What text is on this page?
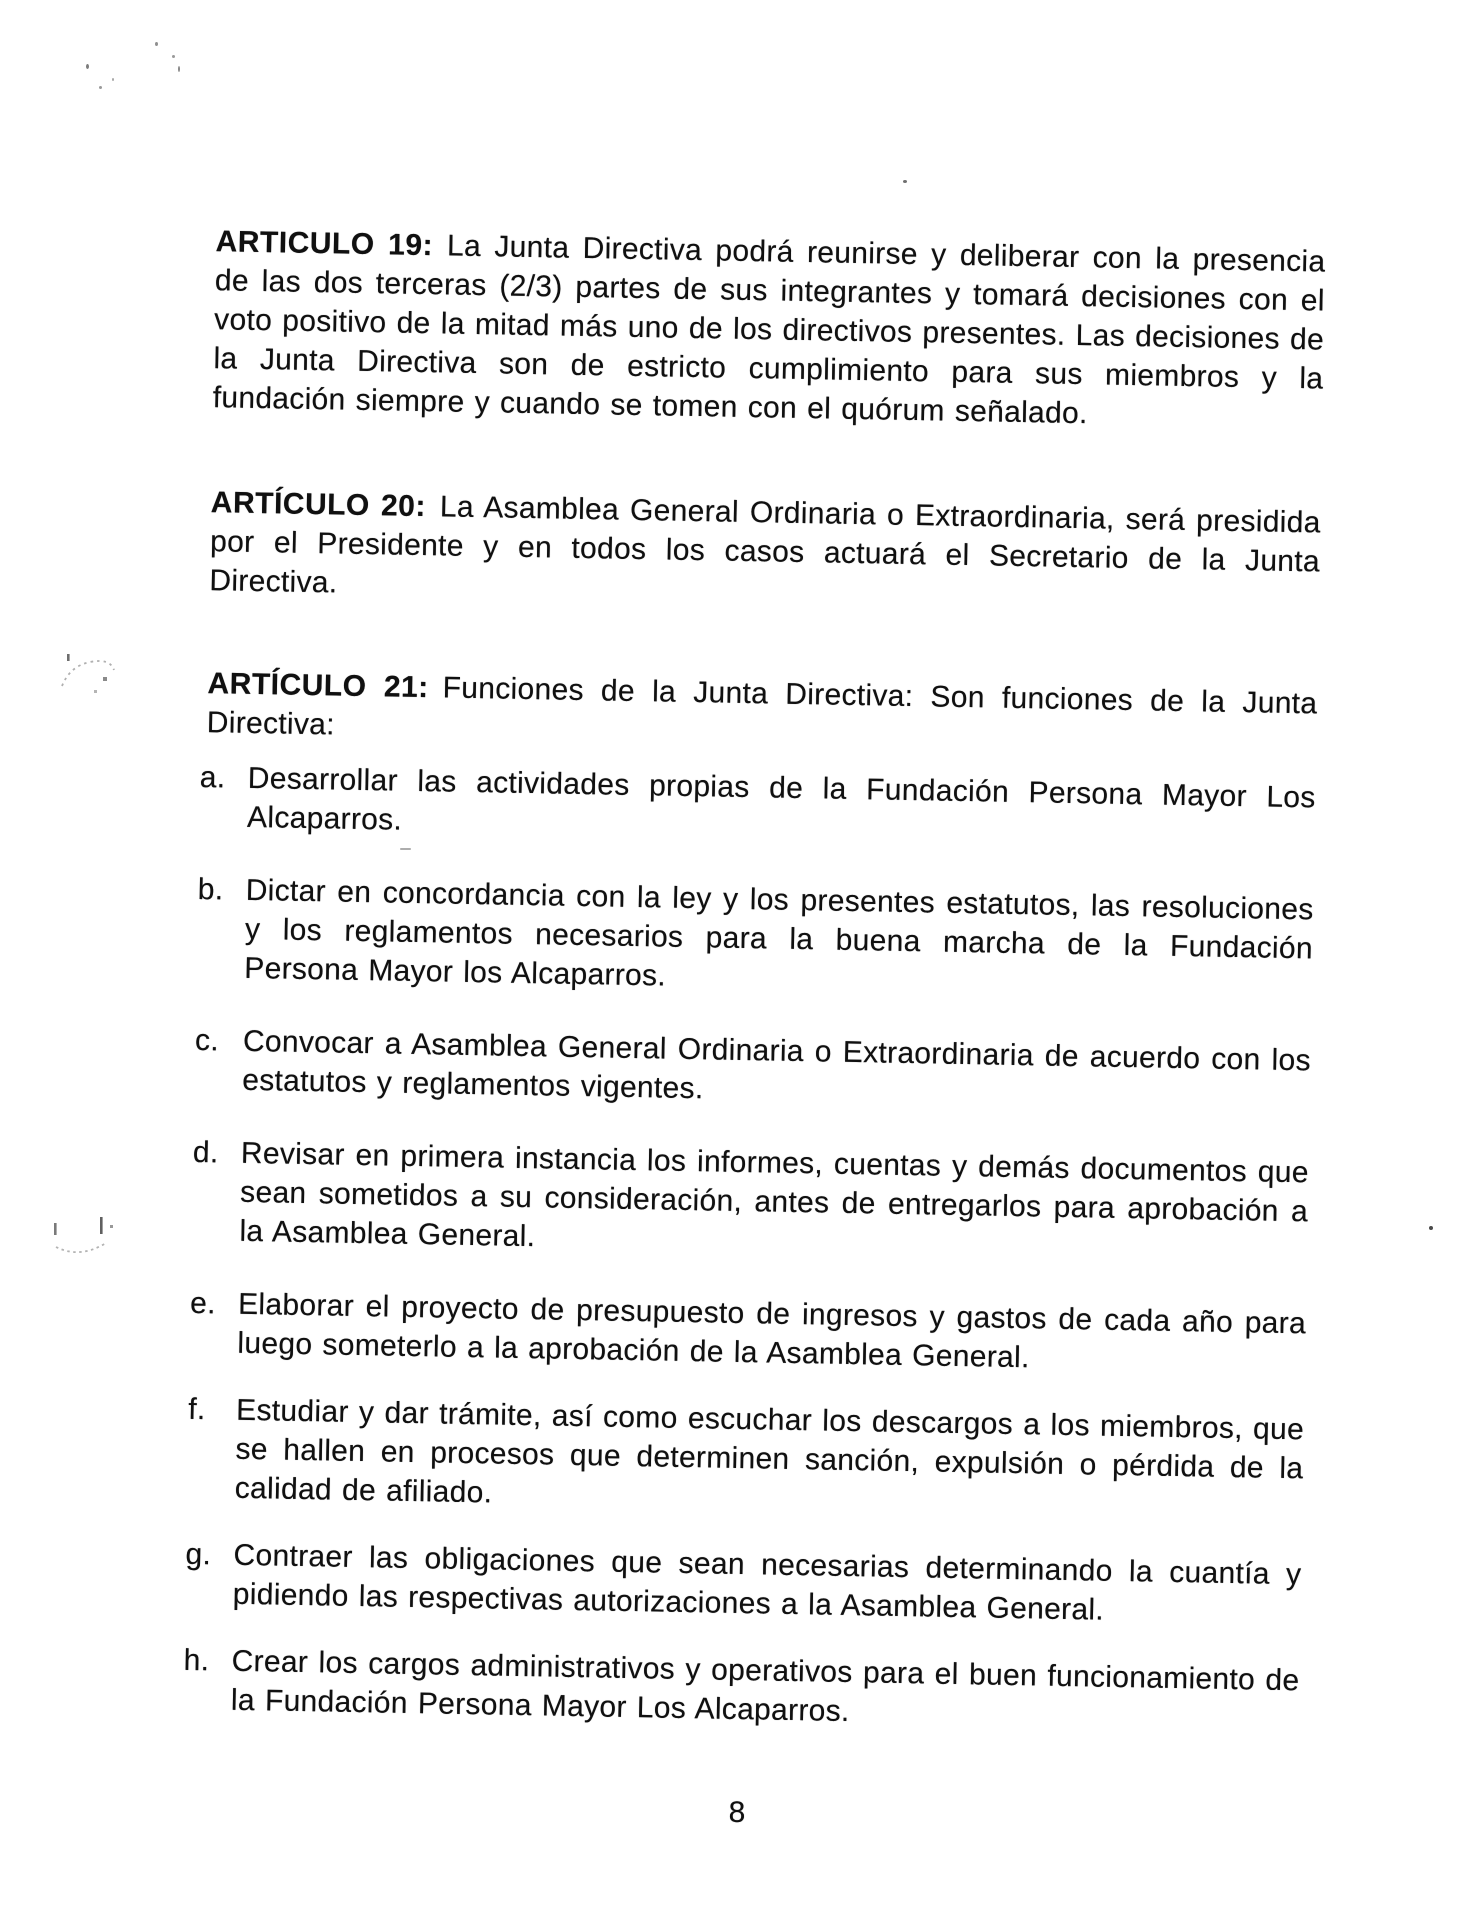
ARTICULO 19: La Junta Directiva podrá reunirse y deliberar con la presencia de las dos terceras (2/3) partes de sus integrantes y tomará decisiones con el voto positivo de la mitad más uno de los directivos presentes. Las decisiones de la Junta Directiva son de estricto cumplimiento para sus miembros y la fundación siempre y cuando se tomen con el quórum señalado.

ARTÍCULO 20: La Asamblea General Ordinaria o Extraordinaria, será presidida por el Presidente y en todos los casos actuará el Secretario de la Junta Directiva.

ARTÍCULO 21: Funciones de la Junta Directiva: Son funciones de la Junta Directiva:

a. Desarrollar las actividades propias de la Fundación Persona Mayor Los Alcaparros.
b. Dictar en concordancia con la ley y los presentes estatutos, las resoluciones y los reglamentos necesarios para la buena marcha de la Fundación Persona Mayor los Alcaparros.
c. Convocar a Asamblea General Ordinaria o Extraordinaria de acuerdo con los estatutos y reglamentos vigentes.
d. Revisar en primera instancia los informes, cuentas y demás documentos que sean sometidos a su consideración, antes de entregarlos para aprobación a la Asamblea General.
e. Elaborar el proyecto de presupuesto de ingresos y gastos de cada año para luego someterlo a la aprobación de la Asamblea General.
f.	Estudiar y dar trámite, así como escuchar los descargos a los miembros, que se hallen en procesos que determinen sanción, expulsión o pérdida de la calidad de afiliado.
g. Contraer las obligaciones que sean necesarias determinando la cuantía y pidiendo las respectivas autorizaciones a la Asamblea General.
h. Crear los cargos administrativos y operativos para el buen funcionamiento de la Fundación Persona Mayor Los Alcaparros.
8
